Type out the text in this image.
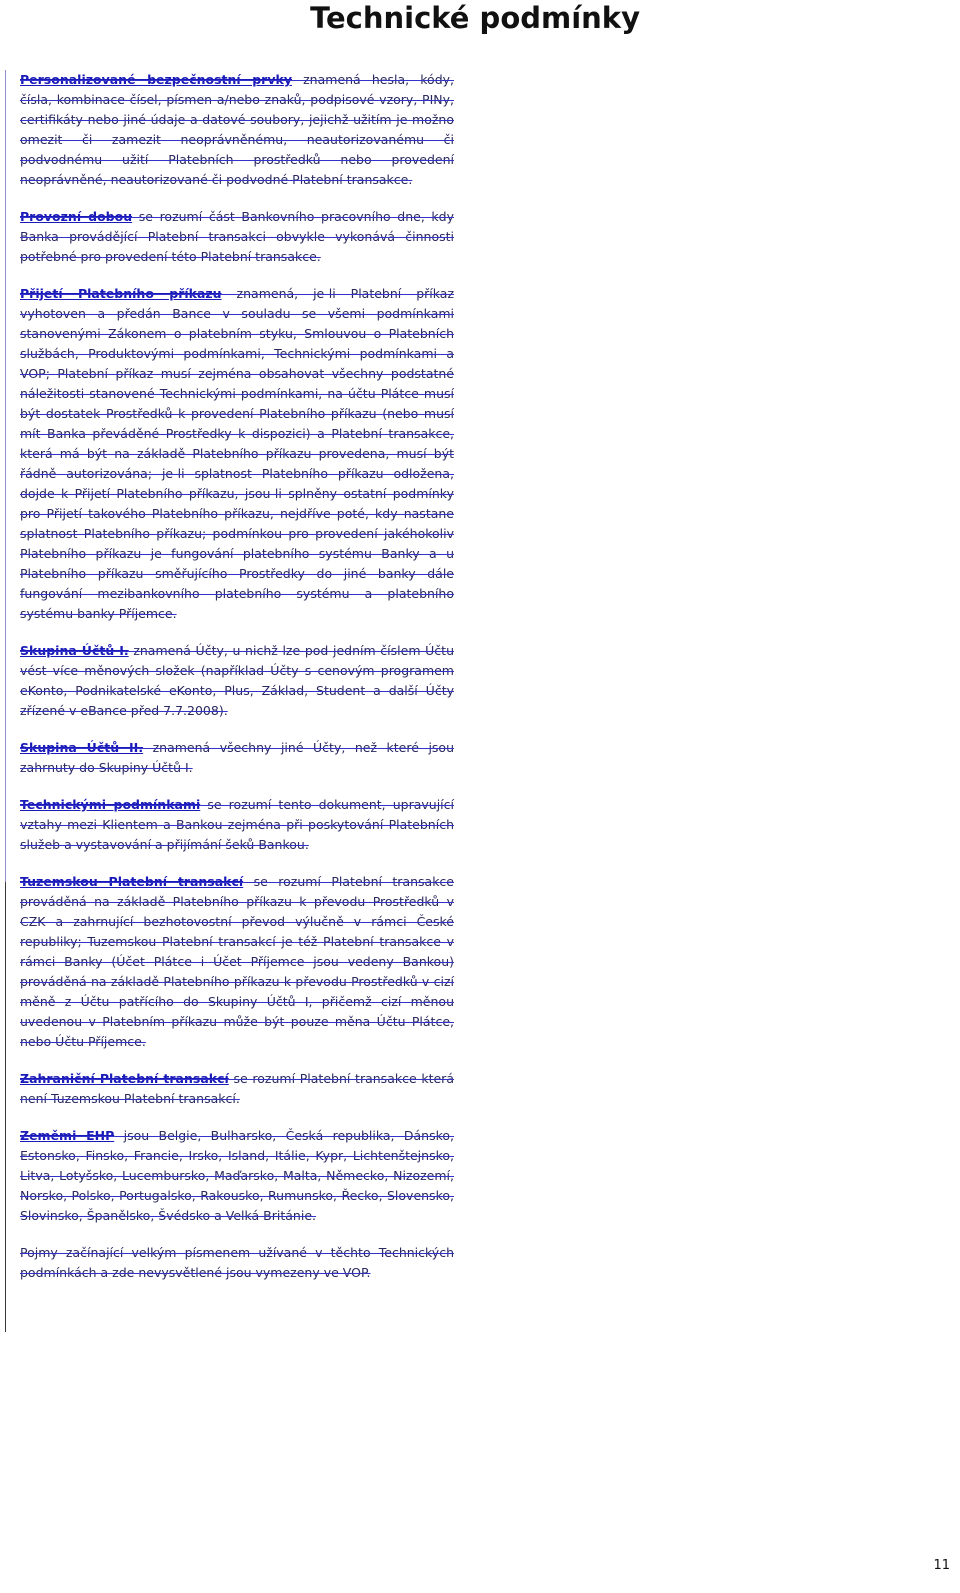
Technické podmínky

Personalizované bezpečnostní prvky znamená hesla, kódy, čísla, kombinace čísel, písmen a/nebo znaků, podpisové vzory, PINy, certifikáty nebo jiné údaje a datové soubory, jejichž užitím je možno omezit či zamezit neoprávněnému, neautorizovanému či podvodnému užití Platebních prostředků nebo provedení neoprávněné, neautorizované či podvodné Platební transakce.

Provozní dobou se rozumí část Bankovního pracovního dne, kdy Banka provádějící Platební transakci obvykle vykonává činnosti potřebné pro provedení této Platební transakce.

Přijetí Platebního příkazu znamená, je-li Platební příkaz vyhotoven a předán Bance v souladu se všemi podmínkami stanovenými Zákonem o platebním styku, Smlouvou o Platebních službách, Produktovými podmínkami, Technickými podmínkami a VOP; Platební příkaz musí zejména obsahovat všechny podstatné náležitosti stanovené Technickými podmínkami, na účtu Plátce musí být dostatek Prostředků k provedení Platebního příkazu (nebo musí mít Banka převáděné Prostředky k dispozici) a Platební transakce, která má být na základě Platebního příkazu provedena, musí být řádně autorizována; je-li splatnost Platebního příkazu odložena, dojde k Přijetí Platebního příkazu, jsou-li splněny ostatní podmínky pro Přijetí takového Platebního příkazu, nejdříve poté, kdy nastane splatnost Platebního příkazu; podmínkou pro provedení jakéhokoliv Platebního příkazu je fungování platebního systému Banky a u Platebního příkazu směřujícího Prostředky do jiné banky dále fungování mezibankovního platebního systému a platebního systému banky Příjemce.

Skupina Účtů I. znamená Účty, u nichž lze pod jedním číslem Účtu vést více měnových složek (například Účty s cenovým programem eKonto, Podnikatelské eKonto, Plus, Základ, Student a další Účty zřízené v eBance před 7.7.2008).

Skupina Účtů II. znamená všechny jiné Účty, než které jsou zahrnuty do Skupiny Účtů I.

Technickými podmínkami se rozumí tento dokument, upravující vztahy mezi Klientem a Bankou zejména při poskytování Platebních služeb a vystavování a přijímání šeků Bankou.

Tuzemskou Platební transakcí se rozumí Platební transakce prováděná na základě Platebního příkazu k převodu Prostředků v CZK a zahrnující bezhotovostní převod výlučně v rámci České republiky; Tuzemskou Platební transakcí je též Platební transakce v rámci Banky (Účet Plátce i Účet Příjemce jsou vedeny Bankou) prováděná na základě Platebního příkazu k převodu Prostředků v cizí měně z Účtu patřícího do Skupiny Účtů I, přičemž cizí měnou uvedenou v Platebním příkazu může být pouze měna Účtu Plátce, nebo Účtu Příjemce.

Zahraniční Platební transakcí se rozumí Platební transakce která není Tuzemskou Platební transakcí.

Zeměmi EHP jsou Belgie, Bulharsko, Česká republika, Dánsko, Estonsko, Finsko, Francie, Irsko, Island, Itálie, Kypr, Lichtenštejnsko, Litva, Lotyšsko, Lucembursko, Maďarsko, Malta, Německo, Nizozemí, Norsko, Polsko, Portugalsko, Rakousko, Rumunsko, Řecko, Slovensko, Slovinsko, Španělsko, Švédsko a Velká Británie.

Pojmy začínající velkým písmenem užívané v těchto Technických podmínkách a zde nevysvětlené jsou vymezeny ve VOP.

11
